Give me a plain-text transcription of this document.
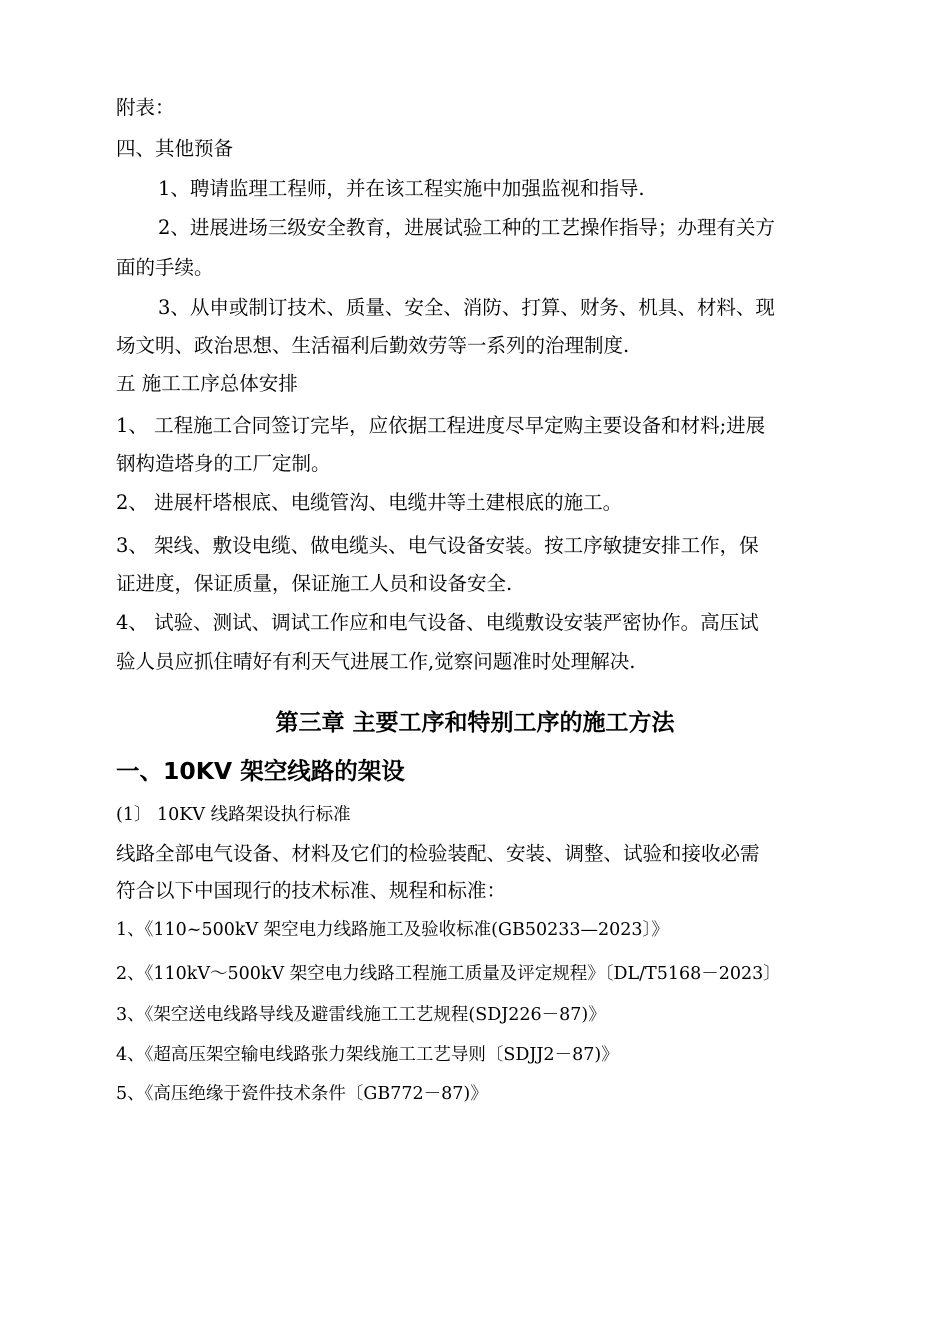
附表：
四、其他预备
1、聘请监理工程师，并在该工程实施中加强监视和指导.
2、进展进场三级安全教育，进展试验工种的工艺操作指导；办理有关方
面的手续。
3、从申或制订技术、质量、安全、消防、打算、财务、机具、材料、现
场文明、政治思想、生活福利后勤效劳等一系列的治理制度.
五 施工工序总体安排
1、 工程施工合同签订完毕，应依据工程进度尽早定购主要设备和材料;进展
钢构造塔身的工厂定制。
2、 进展杆塔根底、电缆管沟、电缆井等土建根底的施工。
3、 架线、敷设电缆、做电缆头、电气设备安装。按工序敏捷安排工作，保
证进度，保证质量，保证施工人员和设备安全.
4、 试验、测试、调试工作应和电气设备、电缆敷设安装严密协作。高压试
验人员应抓住晴好有利天气进展工作,觉察问题准时处理解决.
第三章 主要工序和特别工序的施工方法
一、10KV 架空线路的架设
(1〕 10KV 线路架设执行标准
线路全部电气设备、材料及它们的检验装配、安装、调整、试验和接收必需
符合以下中国现行的技术标准、规程和标准：
1、《110~500kV 架空电力线路施工及验收标准(GB50233—2023〕》
2、《110kV～500kV 架空电力线路工程施工质量及评定规程》〔DL/T5168－2023〕
3、《架空送电线路导线及避雷线施工工艺规程(SDJ226－87)》
4、《超高压架空输电线路张力架线施工工艺导则〔SDJJ2－87)》
5、《高压绝缘于瓷件技术条件〔GB772－87)》
